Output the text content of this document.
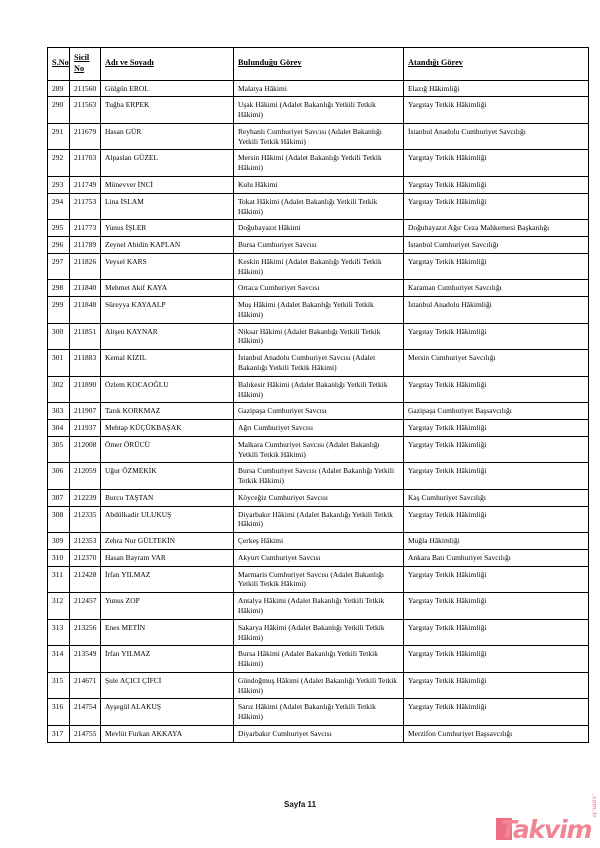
S.No	Sicil No	Adı ve Soyadı	Bulunduğu Görev	Atandığı Görev
289	211560	Gülgün EROL	Malatya Hâkimi	Elazığ Hâkimliği
290	211563	Tuğba ERPEK	Uşak Hâkimi (Adalet Bakanlığı Yetkili Tetkik Hâkimi)	Yargıtay Tetkik Hâkimliği
291	211679	Hasan GÜR	Reyhanlı Cumhuriyet Savcısı (Adalet Bakanlığı Yetkili Tetkik Hâkimi)	İstanbul Anadolu Cumhuriyet Savcılığı
292	211703	Alpaslan GÜZEL	Mersin Hâkimi (Adalet Bakanlığı Yetkili Tetkik Hâkimi)	Yargıtay Tetkik Hâkimliği
293	211749	Münevver İNCİ	Kulu Hâkimi	Yargıtay Tetkik Hâkimliği
294	211753	Lina İSLAM	Tokat Hâkimi (Adalet Bakanlığı Yetkili Tetkik Hâkimi)	Yargıtay Tetkik Hâkimliği
295	211773	Yunus İŞLER	Doğubayazıt Hâkimi	Doğubayazıt Ağır Ceza Mahkemesi Başkanlığı
296	211789	Zeynel Abidin KAPLAN	Bursa Cumhuriyet Savcısı	İstanbul Cumhuriyet Savcılığı
297	211826	Veysel KARS	Keskin Hâkimi (Adalet Bakanlığı Yetkili Tetkik Hâkimi)	Yargıtay Tetkik Hâkimliği
298	211840	Mehmet Akif KAYA	Ortaca Cumhuriyet Savcısı	Karaman Cumhuriyet Savcılığı
299	211848	Süreyya KAYAALP	Muş Hâkimi (Adalet Bakanlığı Yetkili Tetkik Hâkimi)	İstanbul Anadolu Hâkimliği
300	211851	Alişen KAYNAR	Niksar Hâkimi (Adalet Bakanlığı Yetkili Tetkik Hâkimi)	Yargıtay Tetkik Hâkimliği
301	211883	Kemal KIZIL	İstanbul Anadolu Cumhuriyet Savcısı (Adalet Bakanlığı Yetkili Tetkik Hâkimi)	Mersin Cumhuriyet Savcılığı
302	211890	Özlem KOCAOĞLU	Balıkesir Hâkimi (Adalet Bakanlığı Yetkili Tetkik Hâkimi)	Yargıtay Tetkik Hâkimliği
303	211907	Tarık KORKMAZ	Gazipaşa Cumhuriyet Savcısı	Gazipaşa Cumhuriyet Başsavcılığı
304	211937	Mehtap KÜÇÜKBAŞAK	Ağrı Cumhuriyet Savcısı	Yargıtay Tetkik Hâkimliği
305	212008	Ömer ÖRÜCÜ	Malkara Cumhuriyet Savcısı (Adalet Bakanlığı Yetkili Tetkik Hâkimi)	Yargıtay Tetkik Hâkimliği
306	212059	Uğur ÖZMEKİK	Bursa Cumhuriyet Savcısı (Adalet Bakanlığı Yetkili Tetkik Hâkimi)	Yargıtay Tetkik Hâkimliği
307	212239	Burcu TAŞTAN	Köyceğiz Cumhuriyet Savcısı	Kaş Cumhuriyet Savcılığı
308	212335	Abdülkadir ULUKUŞ	Diyarbakır Hâkimi (Adalet Bakanlığı Yetkili Tetkik Hâkimi)	Yargıtay Tetkik Hâkimliği
309	212353	Zehra Nur GÜLTEKİN	Çerkeş Hâkimi	Muğla Hâkimliği
310	212370	Hasan Bayram VAR	Akyurt Cumhuriyet Savcısı	Ankara Batı Cumhuriyet Savcılığı
311	212428	İrfan YILMAZ	Marmaris Cumhuriyet Savcısı (Adalet Bakanlığı Yetkili Tetkik Hâkimi)	Yargıtay Tetkik Hâkimliği
312	212457	Yunus ZOP	Antalya Hâkimi (Adalet Bakanlığı Yetkili Tetkik Hâkimi)	Yargıtay Tetkik Hâkimliği
313	213256	Enes METİN	Sakarya Hâkimi (Adalet Bakanlığı Yetkili Tetkik Hâkimi)	Yargıtay Tetkik Hâkimliği
314	213549	İrfan YILMAZ	Bursa Hâkimi (Adalet Bakanlığı Yetkili Tetkik Hâkimi)	Yargıtay Tetkik Hâkimliği
315	214671	Şule AÇICI ÇİFCİ	Gündoğmuş Hâkimi (Adalet Bakanlığı Yetkili Tetkik Hâkimi)	Yargıtay Tetkik Hâkimliği
316	214754	Ayşegül ALAKUŞ	Sarız Hâkimi (Adalet Bakanlığı Yetkili Tetkik Hâkimi)	Yargıtay Tetkik Hâkimliği
317	214755	Mevlüt Furkan AKKAYA	Diyarbakır Cumhuriyet Savcısı	Merzifon Cumhuriyet Başsavcılığı
Sayfa 11
Takvim
.com.tr
